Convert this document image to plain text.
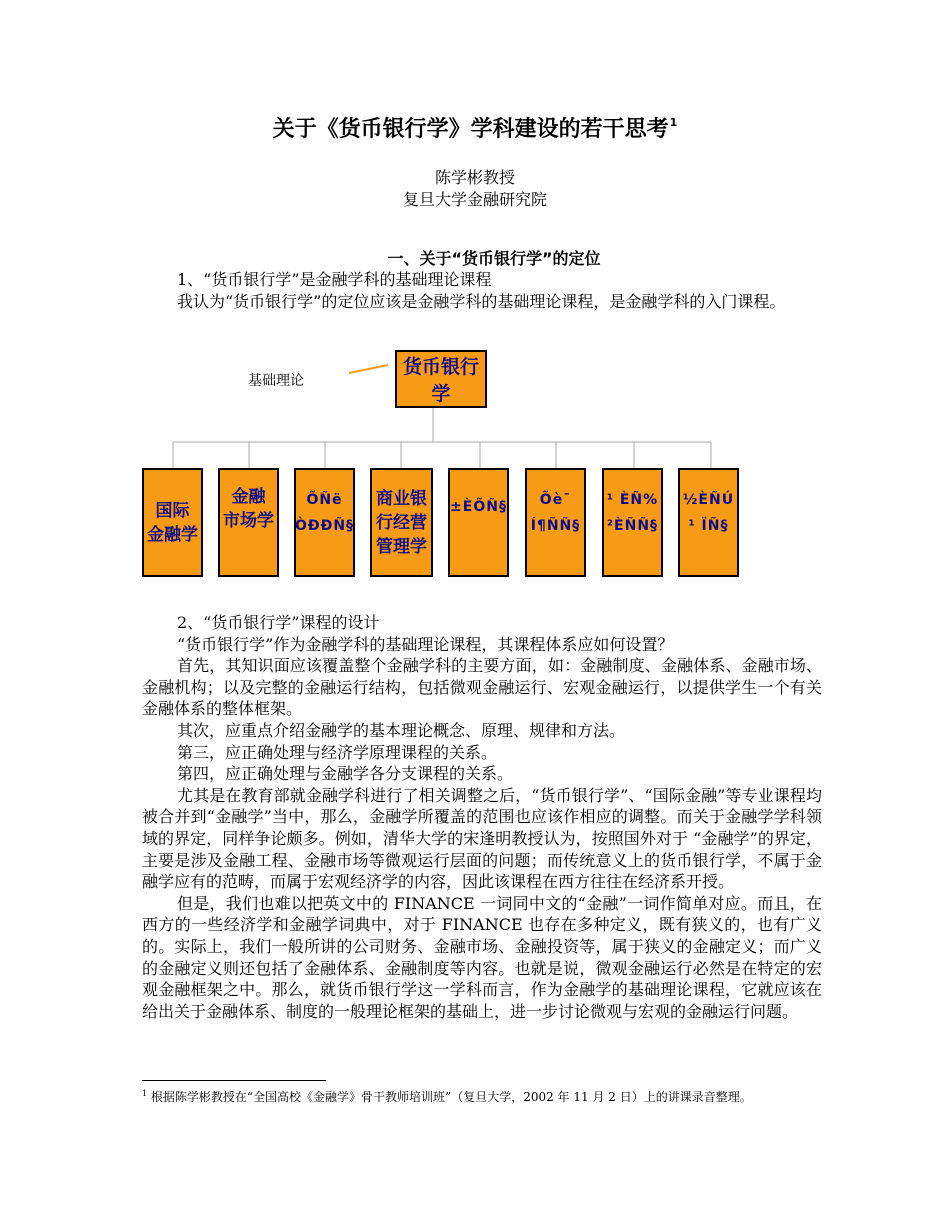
关于《货币银行学》学科建设的若干思考$^1$
陈学彬教授
复旦大学金融研究院
一、关于“货币银行学”的定位

1、“货币银行学”是金融学科的基础理论课程

我认为“货币银行学”的定位应该是金融学科的基础理论课程，是金融学科的入门课程。

基础理论
货币银行学
国际
金融学
金融
市场学
ÕÑë
ÒÐÐÑ§
商业银
行经营
管理学
±ÈÕÑ§	Õè¯
Í¶ÑÑ§
¹ ÈÑ%
²ÈÑÑ§
½ÈÑÚ
¹ ÏÑ§

2、“货币银行学”课程的设计

“货币银行学”作为金融学科的基础理论课程，其课程体系应如何设置？

首先，其知识面应该覆盖整个金融学科的主要方面，如：金融制度、金融体系、金融市场、金融机构；以及完整的金融运行结构，包括微观金融运行、宏观金融运行，以提供学生一个有关金融体系的整体框架。

其次，应重点介绍金融学的基本理论概念、原理、规律和方法。

第三，应正确处理与经济学原理课程的关系。

第四，应正确处理与金融学各分支课程的关系。

尤其是在教育部就金融学科进行了相关调整之后，“货币银行学”、“国际金融”等专业课程均被合并到“金融学”当中，那么，金融学所覆盖的范围也应该作相应的调整。而关于金融学学科领域的界定，同样争论颇多。例如，清华大学的宋逢明教授认为，按照国外对于 “金融学”的界定，主要是涉及金融工程、金融市场等微观运行层面的问题；而传统意义上的货币银行学，不属于金融学应有的范畴，而属于宏观经济学的内容，因此该课程在西方往往在经济系开授。

但是，我们也难以把英文中的 FINANCE 一词同中文的“金融”一词作简单对应。而且，在西方的一些经济学和金融学词典中，对于 FINANCE 也存在多种定义，既有狭义的，也有广义的。实际上，我们一般所讲的公司财务、金融市场、金融投资等，属于狭义的金融定义；而广义的金融定义则还包括了金融体系、金融制度等内容。也就是说，微观金融运行必然是在特定的宏观金融框架之中。那么，就货币银行学这一学科而言，作为金融学的基础理论课程，它就应该在给出关于金融体系、制度的一般理论框架的基础上，进一步讨论微观与宏观的金融运行问题。

$^1$ 根据陈学彬教授在“全国高校《金融学》骨干教师培训班”（复旦大学，2002 年 11 月 2 日）上的讲课录音整理。
